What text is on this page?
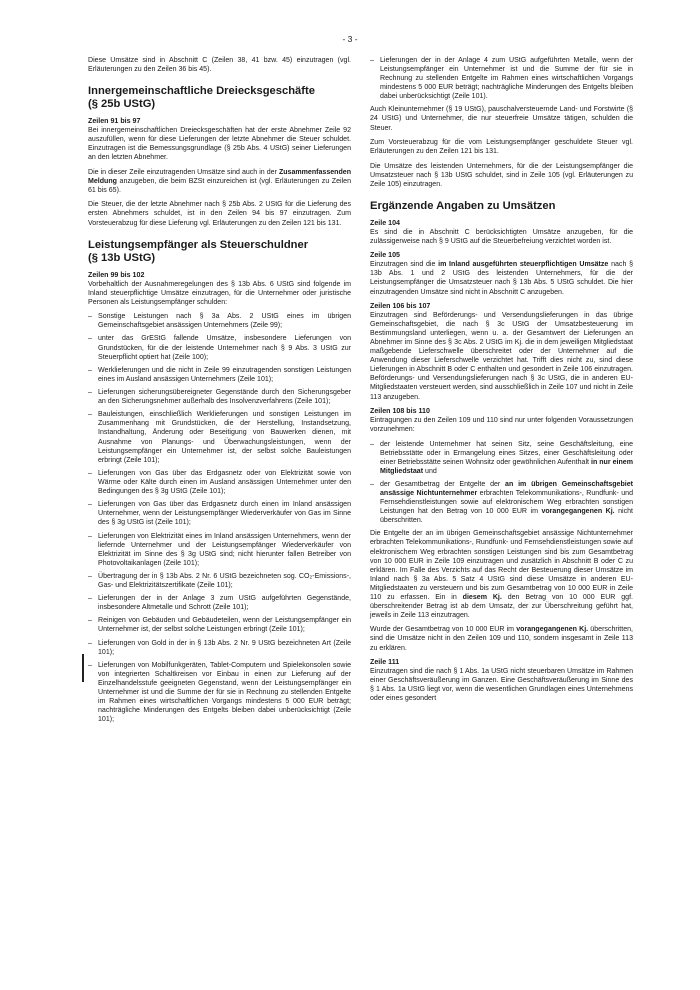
- 3 -

Diese Umsätze sind in Abschnitt C (Zeilen 38, 41 bzw. 45) einzutragen (vgl. Erläuterungen zu den Zeilen 36 bis 45).

Innergemeinschaftliche Dreiecksgeschäfte
(§ 25b UStG)
Zeilen 91 bis 97

Bei innergemeinschaftlichen Dreiecksgeschäften hat der erste Abnehmer Zeile 92 auszufüllen, wenn für diese Lieferungen der letzte Abnehmer die Steuer schuldet. Einzutragen ist die Bemessungsgrundlage (§ 25b Abs. 4 UStG) seiner Lieferungen an den letzten Abnehmer.

Die in dieser Zeile einzutragenden Umsätze sind auch in der Zusammenfassenden Meldung anzugeben, die beim BZSt einzureichen ist (vgl. Erläuterungen zu Zeilen 61 bis 65).

Die Steuer, die der letzte Abnehmer nach § 25b Abs. 2 UStG für die Lieferung des ersten Abnehmers schuldet, ist in den Zeilen 94 bis 97 einzutragen. Zum Vorsteuerabzug für diese Lieferung vgl. Erläuterungen zu den Zeilen 121 bis 131.

Leistungsempfänger als Steuerschuldner
(§ 13b UStG)
Zeilen 99 bis 102

Vorbehaltlich der Ausnahmeregelungen des § 13b Abs. 6 UStG sind folgende im Inland steuerpflichtige Umsätze einzutragen, für die Unternehmer oder juristische Personen als Leistungsempfänger schulden:

– Sonstige Leistungen nach § 3a Abs. 2 UStG eines im übrigen Gemeinschaftsgebiet ansässigen Unternehmers (Zeile 99);
– unter das GrEStG fallende Umsätze, insbesondere Lieferungen von Grundstücken, für die der leistende Unternehmer nach § 9 Abs. 3 UStG zur Steuerpflicht optiert hat (Zeile 100);
– Werklieferungen und die nicht in Zeile 99 einzutragenden sonstigen Leistungen eines im Ausland ansässigen Unternehmers (Zeile 101);
– Lieferungen sicherungsübereigneter Gegenstände durch den Sicherungsgeber an den Sicherungsnehmer außerhalb des Insolvenzverfahrens (Zeile 101);
– Bauleistungen, einschließlich Werklieferungen und sonstigen Leistungen im Zusammenhang mit Grundstücken, die der Herstellung, Instandsetzung, Instandhaltung, Änderung oder Beseitigung von Bauwerken dienen, mit Ausnahme von Planungs- und Überwachungsleistungen, wenn der Leistungsempfänger ein Unternehmer ist, der selbst solche Bauleistungen erbringt (Zeile 101);
– Lieferungen von Gas über das Erdgasnetz oder von Elektrizität sowie von Wärme oder Kälte durch einen im Ausland ansässigen Unternehmer unter den Bedingungen des § 3g UStG (Zeile 101);
– Lieferungen von Gas über das Erdgasnetz durch einen im Inland ansässigen Unternehmer, wenn der Leistungsempfänger Wiederverkäufer von Gas im Sinne des § 3g UStG ist (Zeile 101);
– Lieferungen von Elektrizität eines im Inland ansässigen Unternehmers, wenn der liefernde Unternehmer und der Leistungsempfänger Wiederverkäufer von Elektrizität im Sinne des § 3g UStG sind; nicht hierunter fallen Betreiber von Photovoltaikanlagen (Zeile 101);
– Übertragung der in § 13b Abs. 2 Nr. 6 UStG bezeichneten sog. CO₂-Emissions-, Gas- und Elektrizitätszertifikate (Zeile 101);
– Lieferungen der in der Anlage 3 zum UStG aufgeführten Gegenstände, insbesondere Altmetalle und Schrott (Zeile 101);
– Reinigen von Gebäuden und Gebäudeteilen, wenn der Leistungsempfänger ein Unternehmer ist, der selbst solche Leistungen erbringt (Zeile 101);
– Lieferungen von Gold in der in § 13b Abs. 2 Nr. 9 UStG bezeichneten Art (Zeile 101);
– Lieferungen von Mobilfunkgeräten, Tablet-Computern und Spielekonsolen sowie von integrierten Schaltkreisen vor Einbau in einen zur Lieferung auf der Einzelhandelsstufe geeigneten Gegenstand, wenn der Leistungsempfänger ein Unternehmer ist und die Summe der für sie in Rechnung zu stellenden Entgelte im Rahmen eines wirtschaftlichen Vorgangs mindestens 5 000 EUR beträgt; nachträgliche Minderungen des Entgelts bleiben dabei unberücksichtigt (Zeile 101);
– Lieferungen der in der Anlage 4 zum UStG aufgeführten Metalle, wenn der Leistungsempfänger ein Unternehmer ist und die Summe der für sie in Rechnung zu stellenden Entgelte im Rahmen eines wirtschaftlichen Vorgangs mindestens 5 000 EUR beträgt; nachträgliche Minderungen des Entgelts bleiben dabei unberücksichtigt (Zeile 101).

Auch Kleinunternehmer (§ 19 UStG), pauschalversteuernde Land- und Forstwirte (§ 24 UStG) und Unternehmer, die nur steuerfreie Umsätze tätigen, schulden die Steuer.

Zum Vorsteuerabzug für die vom Leistungsempfänger geschuldete Steuer vgl. Erläuterungen zu den Zeilen 121 bis 131.

Die Umsätze des leistenden Unternehmers, für die der Leistungsempfänger die Umsatzsteuer nach § 13b UStG schuldet, sind in Zeile 105 (vgl. Erläuterungen zu Zeile 105) einzutragen.

Ergänzende Angaben zu Umsätzen
Zeile 104

Es sind die in Abschnitt C berücksichtigten Umsätze anzugeben, für die zulässigerweise nach § 9 UStG auf die Steuerbefreiung verzichtet worden ist.

Zeile 105

Einzutragen sind die im Inland ausgeführten steuerpflichtigen Umsätze nach § 13b Abs. 1 und 2 UStG des leistenden Unternehmers, für die der Leistungsempfänger die Umsatzsteuer nach § 13b Abs. 5 UStG schuldet. Die hier einzutragenden Umsätze sind nicht in Abschnitt C anzugeben.

Zeilen 106 bis 107

Einzutragen sind Beförderungs- und Versendungslieferungen in das übrige Gemeinschaftsgebiet, die nach § 3c UStG der Umsatzbesteuerung im Bestimmungsland unterliegen, wenn u. a. der Gesamtwert der Lieferungen an Abnehmer im Sinne des § 3c Abs. 2 UStG im Kj. die in dem jeweiligen Mitgliedstaat maßgebende Lieferschwelle überschreitet oder der Unternehmer auf die Anwendung dieser Lieferschwelle verzichtet hat. Trifft dies nicht zu, sind diese Lieferungen in Abschnitt B oder C enthalten und gesondert in Zeile 106 einzutragen. Beförderungs- und Versendungslieferungen nach § 3c UStG, die in anderen EU-Mitgliedstaaten versteuert werden, sind ausschließlich in Zeile 107 und nicht in Zeile 113 anzugeben.

Zeilen 108 bis 110

Eintragungen zu den Zeilen 109 und 110 sind nur unter folgenden Voraussetzungen vorzunehmen:

– der leistende Unternehmer hat seinen Sitz, seine Geschäftsleitung, eine Betriebsstätte oder in Ermangelung eines Sitzes, einer Geschäftsleitung oder einer Betriebsstätte seinen Wohnsitz oder gewöhnlichen Aufenthalt in nur einem Mitgliedstaat und
– der Gesamtbetrag der Entgelte der an im übrigen Gemeinschaftsgebiet ansässige Nichtunternehmer erbrachten Telekommunikations-, Rundfunk- und Fernsehdienstleistungen sowie auf elektronischem Weg erbrachten sonstigen Leistungen hat den Betrag von 10 000 EUR im vorangegangenen Kj. nicht überschritten.

Die Entgelte der an im übrigen Gemeinschaftsgebiet ansässige Nichtunternehmer erbrachten Telekommunikations-, Rundfunk- und Fernsehdienstleistungen sowie auf elektronischem Weg erbrachten sonstigen Leistungen sind bis zum Gesamtbetrag von 10 000 EUR in Zeile 109 einzutragen und zusätzlich in Abschnitt B oder C zu erklären. Im Falle des Verzichts auf das Recht der Besteuerung dieser Umsätze im Inland nach § 3a Abs. 5 Satz 4 UStG sind diese Umsätze in anderen EU-Mitgliedstaaten zu versteuern und bis zum Gesamtbetrag von 10 000 EUR in Zeile 110 zu erfassen. Ein in diesem Kj. den Betrag von 10 000 EUR ggf. überschreitender Betrag ist ab dem Umsatz, der zur Überschreitung geführt hat, jeweils in Zeile 113 einzutragen.

Wurde der Gesamtbetrag von 10 000 EUR im vorangegangenen Kj. überschritten, sind die Umsätze nicht in den Zeilen 109 und 110, sondern insgesamt in Zeile 113 zu erklären.

Zeile 111

Einzutragen sind die nach § 1 Abs. 1a UStG nicht steuerbaren Umsätze im Rahmen einer Geschäftsveräußerung im Ganzen. Eine Geschäftsveräußerung im Sinne des § 1 Abs. 1a UStG liegt vor, wenn die wesentlichen Grundlagen eines Unternehmens oder eines gesondert
